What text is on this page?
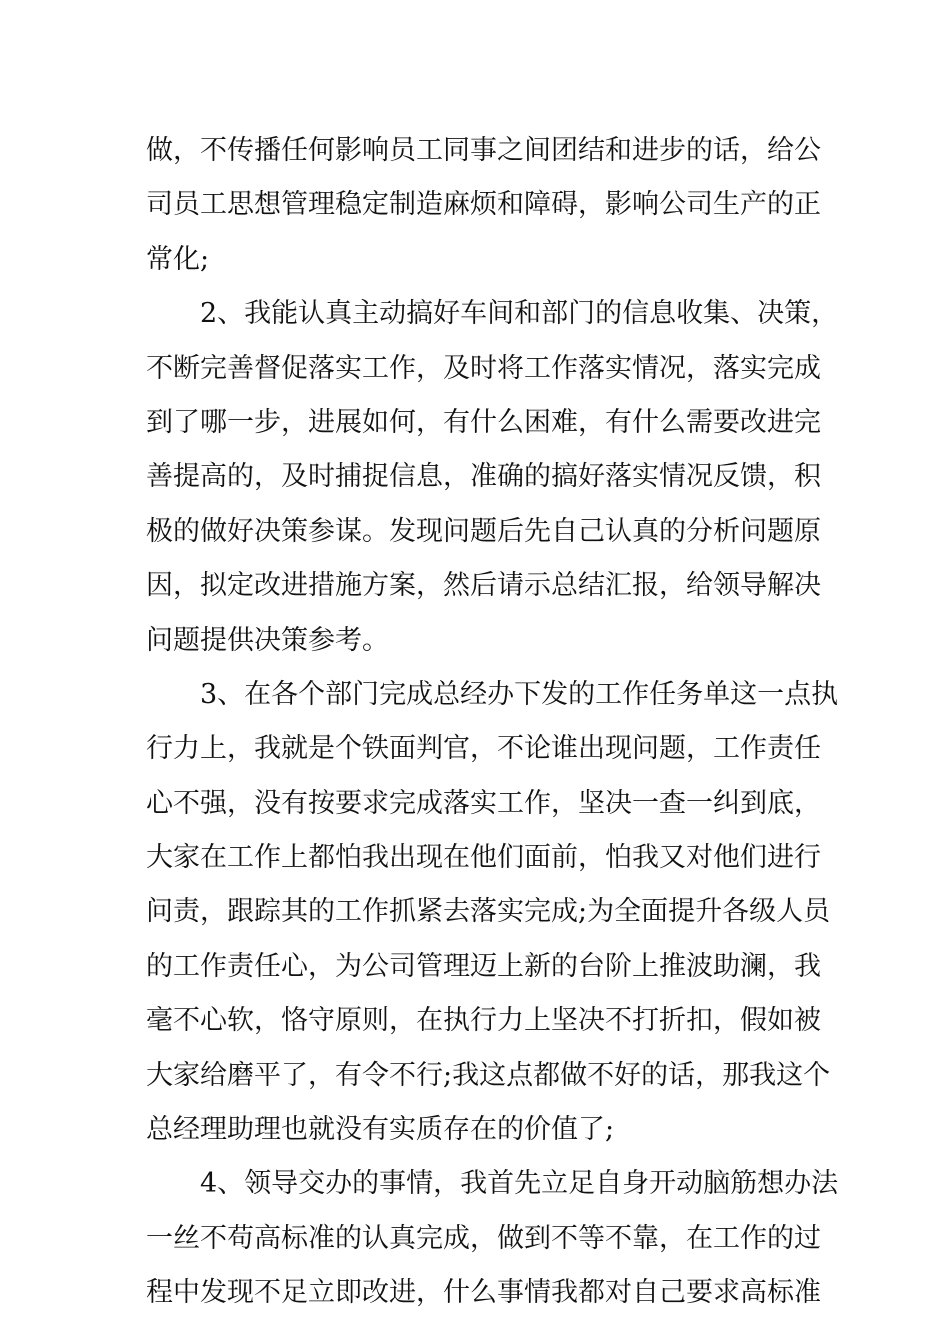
做，不传播任何影响员工同事之间团结和进步的话，给公
司员工思想管理稳定制造麻烦和障碍，影响公司生产的正
常化;
2、我能认真主动搞好车间和部门的信息收集、决策，
不断完善督促落实工作，及时将工作落实情况，落实完成
到了哪一步，进展如何，有什么困难，有什么需要改进完
善提高的，及时捕捉信息，准确的搞好落实情况反馈，积
极的做好决策参谋。发现问题后先自己认真的分析问题原
因，拟定改进措施方案，然后请示总结汇报，给领导解决
问题提供决策参考。
3、在各个部门完成总经办下发的工作任务单这一点执
行力上，我就是个铁面判官，不论谁出现问题，工作责任
心不强，没有按要求完成落实工作，坚决一查一纠到底，
大家在工作上都怕我出现在他们面前，怕我又对他们进行
问责，跟踪其的工作抓紧去落实完成;为全面提升各级人员
的工作责任心，为公司管理迈上新的台阶上推波助澜，我
毫不心软，恪守原则，在执行力上坚决不打折扣，假如被
大家给磨平了，有令不行;我这点都做不好的话，那我这个
总经理助理也就没有实质存在的价值了;
4、领导交办的事情，我首先立足自身开动脑筋想办法
一丝不苟高标准的认真完成，做到不等不靠，在工作的过
程中发现不足立即改进，什么事情我都对自己要求高标准
